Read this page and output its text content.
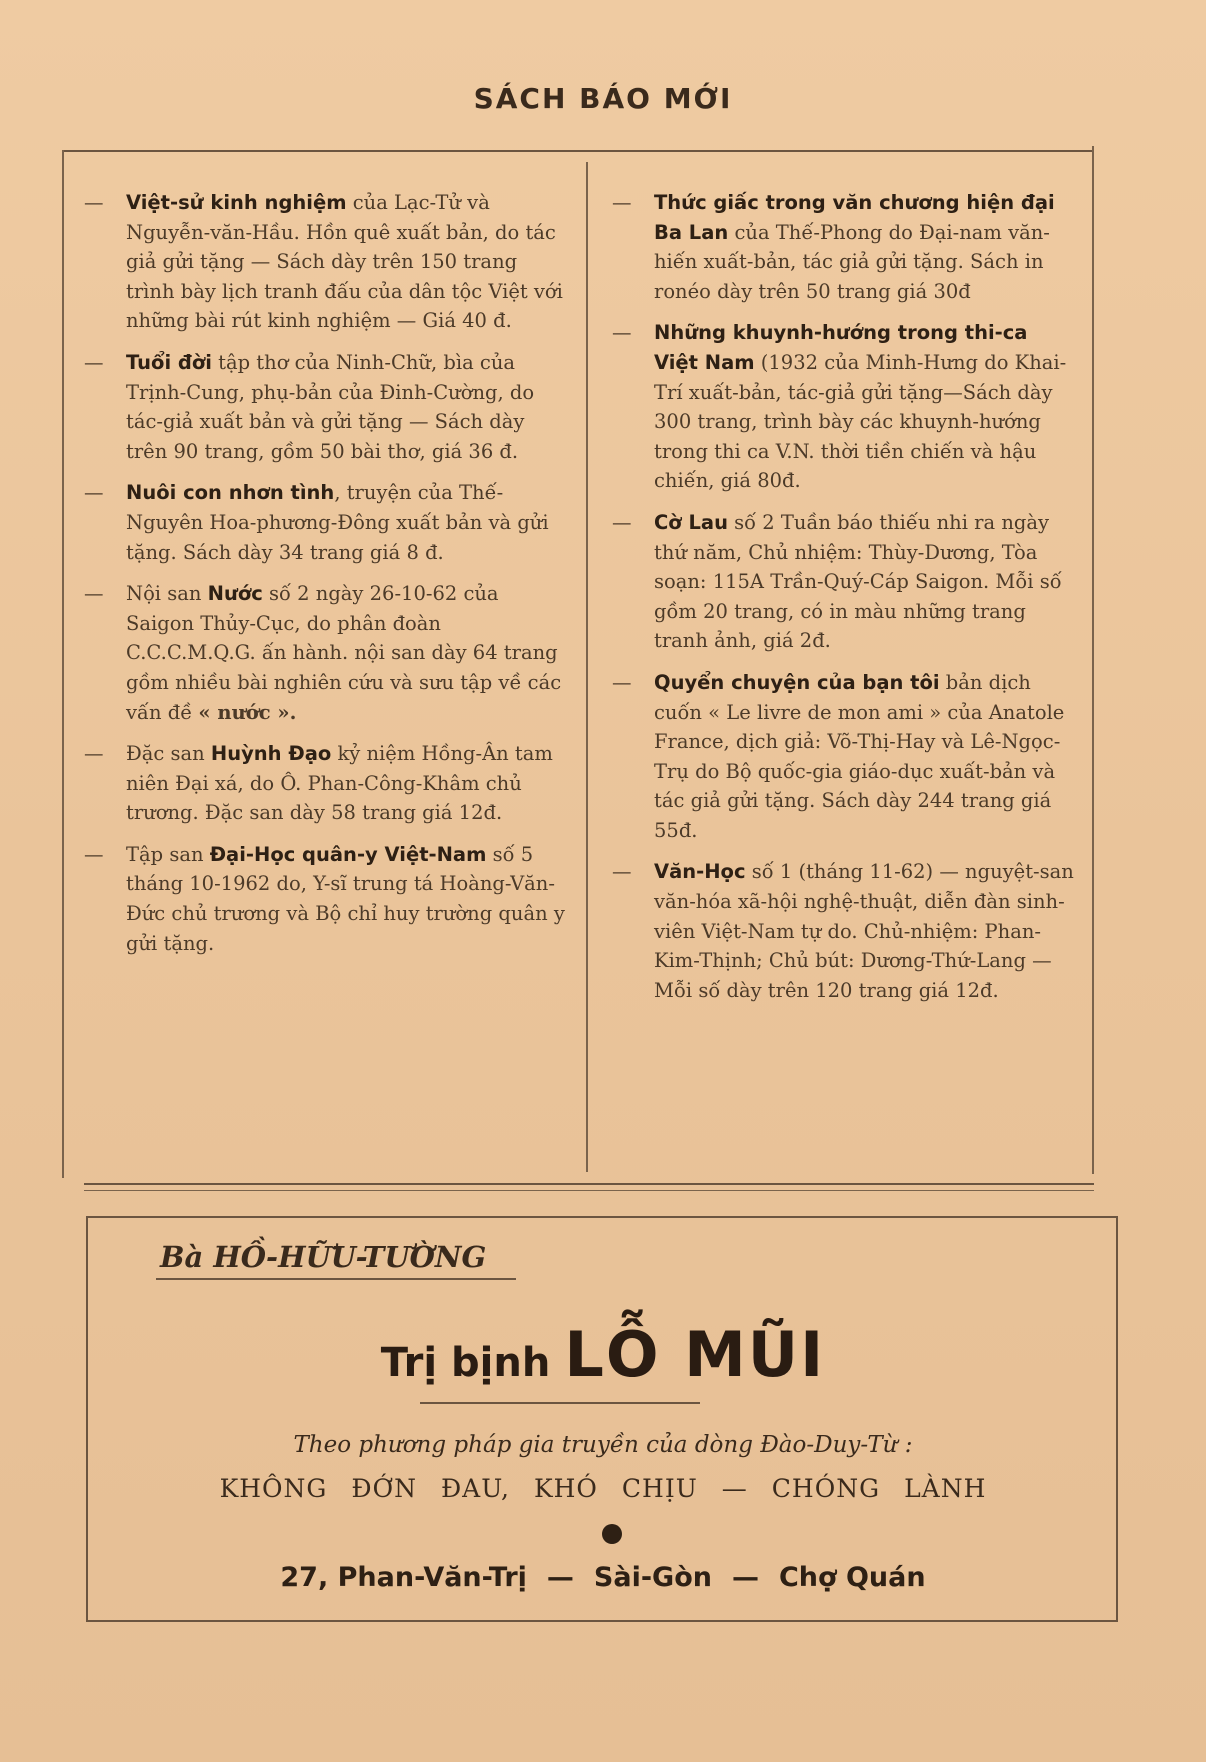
SÁCH BÁO MỚI

— Việt-sử kinh nghiệm của Lạc-Tử và Nguyễn-văn-Hầu. Hồn quê xuất bản, do tác giả gửi tặng — Sách dày trên 150 trang trình bày lịch tranh đấu của dân tộc Việt với những bài rút kinh nghiệm — Giá 40 đ.

— Tuổi đời tập thơ của Ninh-Chữ, bìa của Trịnh-Cung, phụ-bản của Đinh-Cường, do tác-giả xuất bản và gửi tặng — Sách dày trên 90 trang, gồm 50 bài thơ, giá 36 đ.

— Nuôi con nhơn tình, truyện của Thế-Nguyên Hoa-phương-Đông xuất bản và gửi tặng. Sách dày 34 trang giá 8 đ.

— Nội san Nước số 2 ngày 26-10-62 của Saigon Thủy-Cục, do phân đoàn C.C.C.M.Q.G. ấn hành. nội san dày 64 trang gồm nhiều bài nghiên cứu và sưu tập về các vấn đề « nước ».

— Đặc san Huỳnh Đạo kỷ niệm Hồng-Ân tam niên Đại xá, do Ô. Phan-Công-Khâm chủ trương. Đặc san dày 58 trang giá 12đ.

— Tập san Đại-Học quân-y Việt-Nam số 5 tháng 10-1962 do, Y-sĩ trung tá Hoàng-Văn-Đức chủ trương và Bộ chỉ huy trường quân y gửi tặng.

— Thức giấc trong văn chương hiện đại Ba Lan của Thế-Phong do Đại-nam văn-hiến xuất-bản, tác giả gửi tặng. Sách in ronéo dày trên 50 trang giá 30đ

— Những khuynh-hướng trong thi-ca Việt Nam (1932 của Minh-Hưng do Khai-Trí xuất-bản, tác-giả gửi tặng—Sách dày 300 trang, trình bày các khuynh-hướng trong thi ca V.N. thời tiền chiến và hậu chiến, giá 80đ.

— Cờ Lau số 2 Tuần báo thiếu nhi ra ngày thứ năm, Chủ nhiệm: Thùy-Dương, Tòa soạn: 115A Trần-Quý-Cáp Saigon. Mỗi số gồm 20 trang, có in màu những trang tranh ảnh, giá 2đ.

— Quyển chuyện của bạn tôi bản dịch cuốn « Le livre de mon ami » của Anatole France, dịch giả: Võ-Thị-Hay và Lê-Ngọc-Trụ do Bộ quốc-gia giáo-dục xuất-bản và tác giả gửi tặng. Sách dày 244 trang giá 55đ.

— Văn-Học số 1 (tháng 11-62) — nguyệt-san văn-hóa xã-hội nghệ-thuật, diễn đàn sinh-viên Việt-Nam tự do. Chủ-nhiệm: Phan-Kim-Thịnh; Chủ bút: Dương-Thứ-Lang — Mỗi số dày trên 120 trang giá 12đ.

Bà HỒ-HỮU-TƯỜNG
Trị bịnh LỖ MŨI
Theo phương pháp gia truyền của dòng Đào-Duy-Từ :
KHÔNG ĐỚN ĐAU, KHÓ CHỊU — CHÓNG LÀNH
27, Phan-Văn-Trị — Sài-Gòn — Chợ Quán
